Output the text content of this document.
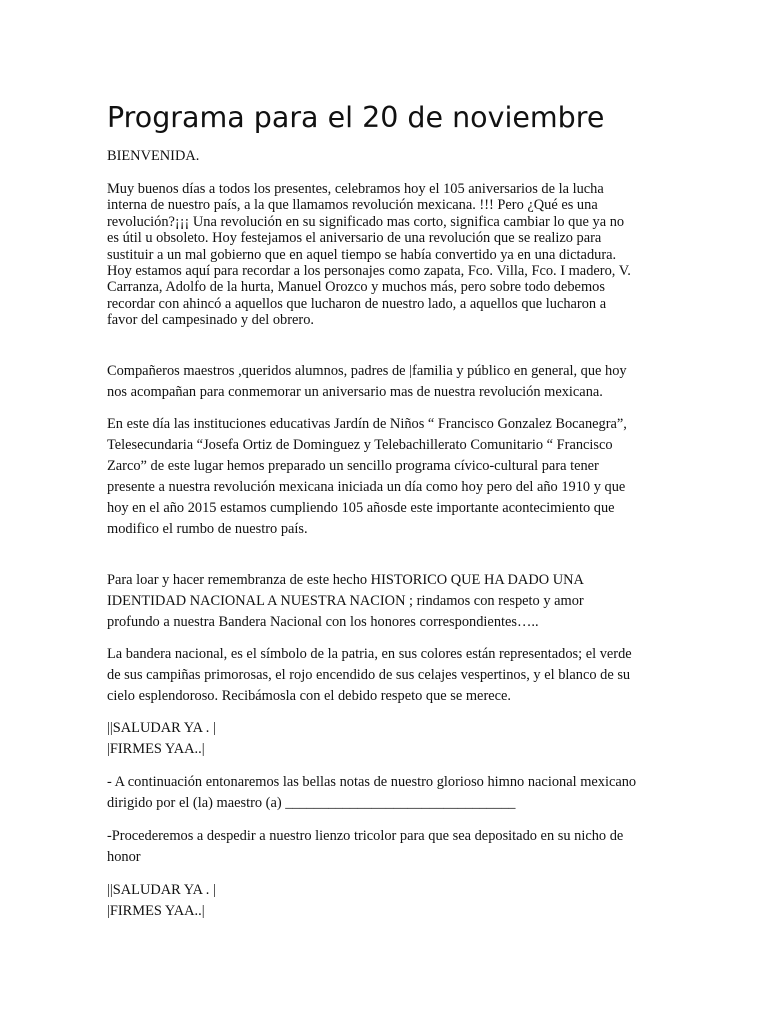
Programa para el 20 de noviembre

BIENVENIDA.

Muy buenos días a todos los presentes, celebramos hoy el 105 aniversarios de la lucha
interna de nuestro país, a la que llamamos revolución mexicana. !!! Pero ¿Qué es una
revolución?¡¡¡ Una revolución en su significado mas corto, significa cambiar lo que ya no
es útil u obsoleto. Hoy festejamos el aniversario de una revolución que se realizo para
sustituir a un mal gobierno que en aquel tiempo se había convertido ya en una dictadura.
Hoy estamos aquí para recordar a los personajes como zapata, Fco. Villa, Fco. I madero, V.
Carranza, Adolfo de la hurta, Manuel Orozco y muchos más, pero sobre todo debemos
recordar con ahincó a aquellos que lucharon de nuestro lado, a aquellos que lucharon a
favor del campesinado y del obrero.

Compañeros maestros ,queridos alumnos, padres de |familia y público en general, que hoy
nos acompañan para conmemorar un aniversario mas de nuestra revolución mexicana.

En este día las instituciones educativas Jardín de Niños “ Francisco Gonzalez Bocanegra”,
Telesecundaria “Josefa Ortiz de Dominguez y Telebachillerato Comunitario “ Francisco
Zarco” de este lugar hemos preparado un sencillo programa cívico-cultural para tener
presente a nuestra revolución mexicana iniciada un día como hoy pero del año 1910 y que
hoy en el año 2015 estamos cumpliendo 105 añosde este importante acontecimiento que
modifico el rumbo de nuestro país.

Para loar y hacer remembranza de este hecho HISTORICO QUE HA DADO UNA
IDENTIDAD NACIONAL A NUESTRA NACION ; rindamos con respeto y amor
profundo a nuestra Bandera Nacional con los honores correspondientes…..

La bandera nacional, es el símbolo de la patria, en sus colores están representados; el verde
de sus campiñas primorosas, el rojo encendido de sus celajes vespertinos, y el blanco de su
cielo esplendoroso. Recibámosla con el debido respeto que se merece.

||SALUDAR YA . |
|FIRMES YAA..|

- A continuación entonaremos las bellas notas de nuestro glorioso himno nacional mexicano
dirigido por el (la) maestro (a) ________________________________

-Procederemos a despedir a nuestro lienzo tricolor para que sea depositado en su nicho de
honor

||SALUDAR YA . |
|FIRMES YAA..|
